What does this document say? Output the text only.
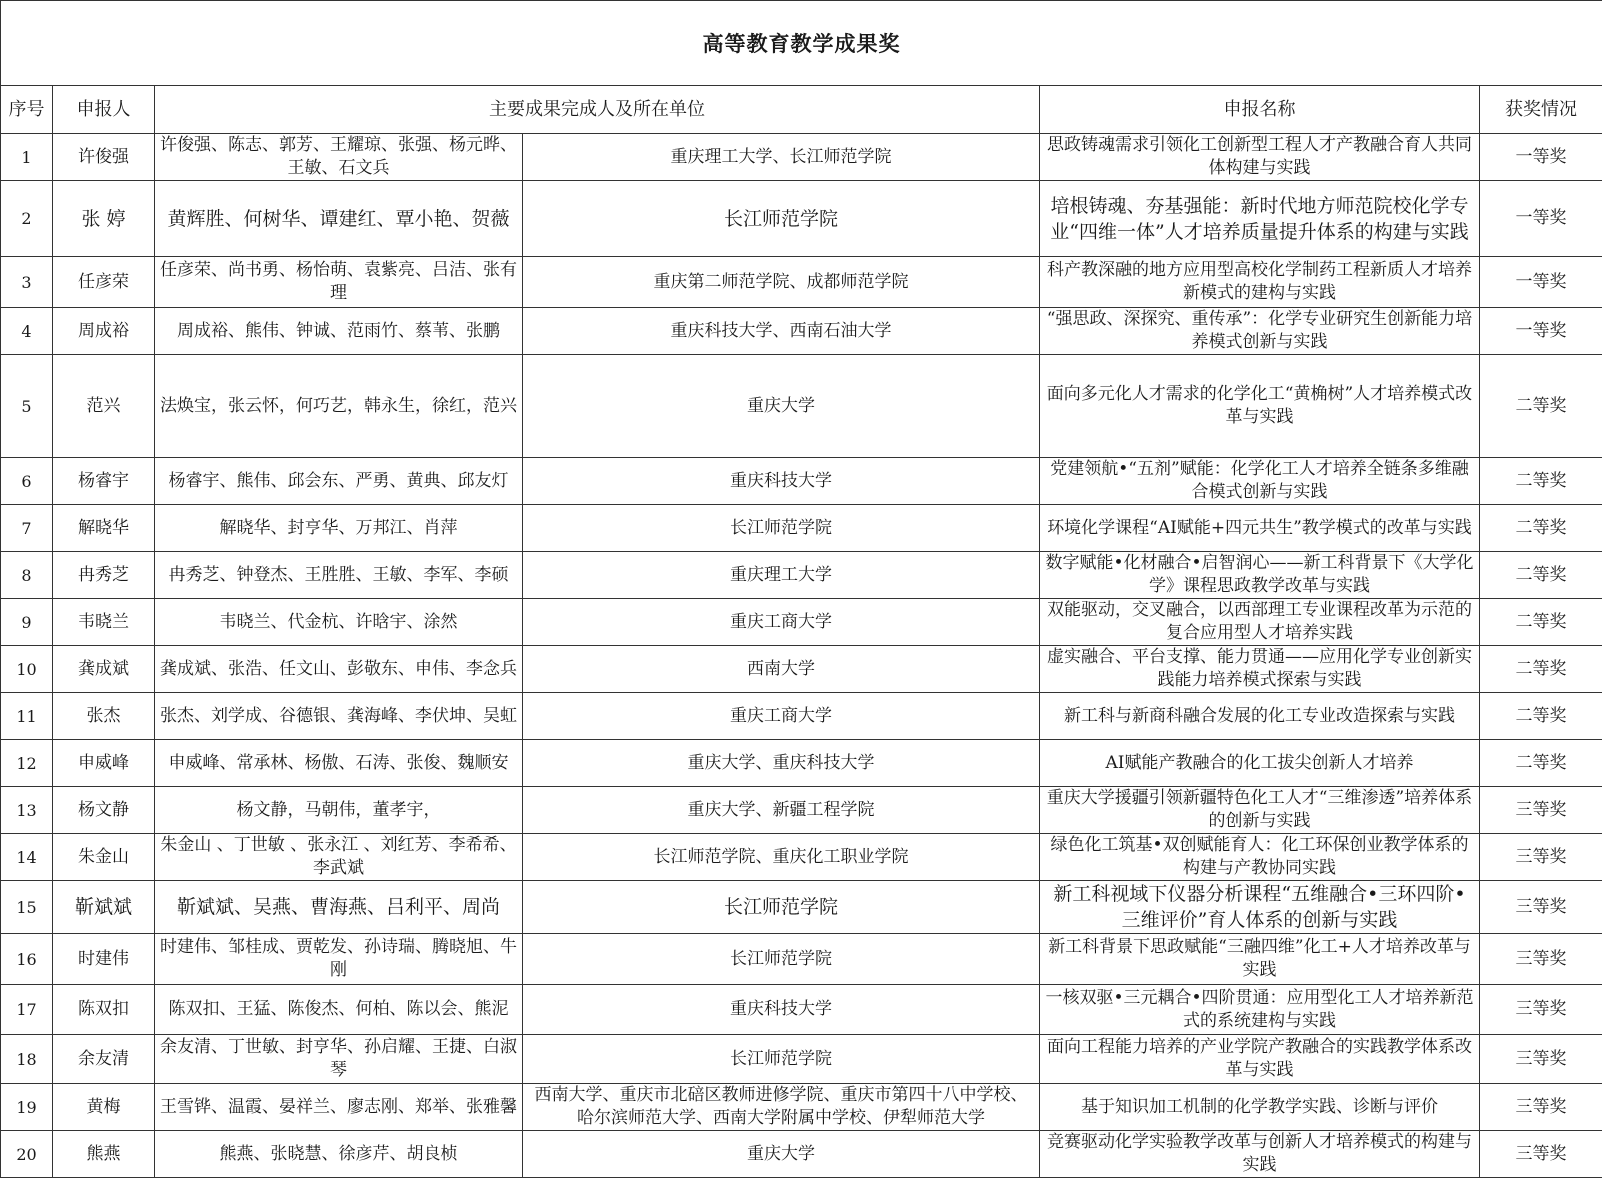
高等教育教学成果奖					
序号	申报人	主要成果完成人及所在单位		申报名称	获奖情况
1	许俊强	许俊强、陈志、郭芳、王耀琼、张强、杨元晔、王敏、石文兵	重庆理工大学、长江师范学院	思政铸魂需求引领化工创新型工程人才产教融合育人共同体构建与实践	一等奖
2	张 婷	黄辉胜、何树华、谭建红、覃小艳、贺薇	长江师范学院	培根铸魂、夯基强能：新时代地方师范院校化学专业“四维一体”人才培养质量提升体系的构建与实践	一等奖
3	任彦荣	任彦荣、尚书勇、杨怡萌、袁紫亮、吕洁、张有理	重庆第二师范学院、成都师范学院	科产教深融的地方应用型高校化学制药工程新质人才培养新模式的建构与实践	一等奖
4	周成裕	周成裕、熊伟、钟诚、范雨竹、蔡苇、张鹏	重庆科技大学、西南石油大学	“强思政、深探究、重传承”：化学专业研究生创新能力培养模式创新与实践	一等奖
5	范兴	法焕宝，张云怀，何巧艺，韩永生，徐红，范兴	重庆大学	面向多元化人才需求的化学化工“黄桷树”人才培养模式改革与实践	二等奖
6	杨睿宇	杨睿宇、熊伟、邱会东、严勇、黄典、邱友灯	重庆科技大学	党建领航•“五剂”赋能：化学化工人才培养全链条多维融合模式创新与实践	二等奖
7	解晓华	解晓华、封亨华、万邦江、肖萍	长江师范学院	环境化学课程“AI赋能+四元共生”教学模式的改革与实践	二等奖
8	冉秀芝	冉秀芝、钟登杰、王胜胜、王敏、李军、李硕	重庆理工大学	数字赋能•化材融合•启智润心——新工科背景下《大学化学》课程思政教学改革与实践	二等奖
9	韦晓兰	韦晓兰、代金杭、许晗宇、涂然	重庆工商大学	双能驱动，交叉融合，以西部理工专业课程改革为示范的复合应用型人才培养实践	二等奖
10	龚成斌	龚成斌、张浩、任文山、彭敬东、申伟、李念兵	西南大学	虚实融合、平台支撑、能力贯通——应用化学专业创新实践能力培养模式探索与实践	二等奖
11	张杰	张杰、刘学成、谷德银、龚海峰、李伏坤、吴虹	重庆工商大学	新工科与新商科融合发展的化工专业改造探索与实践	二等奖
12	申威峰	申威峰、常承林、杨傲、石涛、张俊、魏顺安	重庆大学、重庆科技大学	AI赋能产教融合的化工拔尖创新人才培养	二等奖
13	杨文静	杨文静，马朝伟，董孝宇，	重庆大学、新疆工程学院	重庆大学援疆引领新疆特色化工人才“三维渗透”培养体系的创新与实践	三等奖
14	朱金山	朱金山 、丁世敏 、张永江 、刘红芳、李希希、李武斌	长江师范学院、重庆化工职业学院	绿色化工筑基•双创赋能育人：化工环保创业教学体系的构建与产教协同实践	三等奖
15	靳斌斌	靳斌斌、吴燕、曹海燕、吕利平、周尚	长江师范学院	新工科视域下仪器分析课程“五维融合•三环四阶•三维评价”育人体系的创新与实践	三等奖
16	时建伟	时建伟、邹桂成、贾乾发、孙诗瑞、腾晓旭、牛刚	长江师范学院	新工科背景下思政赋能“三融四维”化工+人才培养改革与实践	三等奖
17	陈双扣	陈双扣、王猛、陈俊杰、何柏、陈以会、熊泥	重庆科技大学	一核双驱•三元耦合•四阶贯通：应用型化工人才培养新范式的系统建构与实践	三等奖
18	余友清	余友清、丁世敏、封亨华、孙启耀、王捷、白淑琴	长江师范学院	面向工程能力培养的产业学院产教融合的实践教学体系改革与实践	三等奖
19	黄梅	王雪铧、温霞、晏祥兰、廖志刚、郑举、张雅馨	西南大学、重庆市北碚区教师进修学院、重庆市第四十八中学校、哈尔滨师范大学、西南大学附属中学校、伊犁师范大学	基于知识加工机制的化学教学实践、诊断与评价	三等奖
20	熊燕	熊燕、张晓慧、徐彦芹、胡良桢	重庆大学	竞赛驱动化学实验教学改革与创新人才培养模式的构建与实践	三等奖
